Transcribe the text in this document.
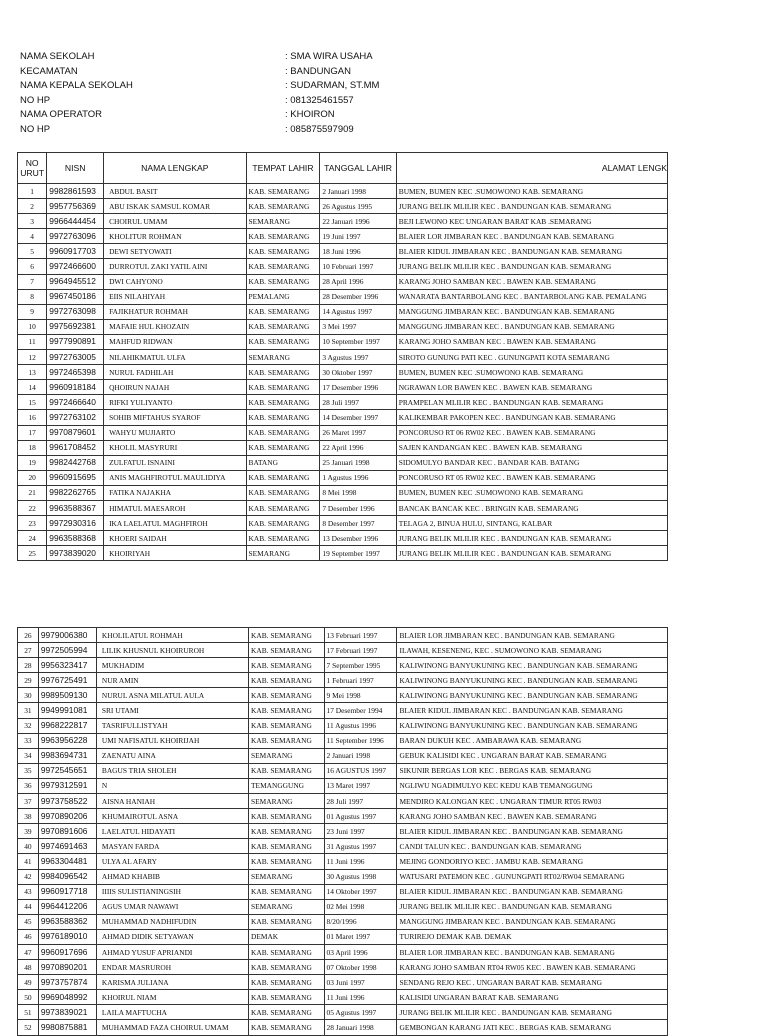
NAMA SEKOLAH	: SMA WIRA USAHA
KECAMATAN	: BANDUNGAN
NAMA KEPALA SEKOLAH	: SUDARMAN, ST.MM
NO HP	: 081325461557
NAMA OPERATOR	: KHOIRON
NO HP	: 085875597909
NO
URUT	NISN	NAMA LENGKAP	TEMPAT LAHIR	TANGGAL LAHIR	ALAMAT LENGK
1	9982861593	ABDUL BASIT	KAB. SEMARANG	2 Januari 1998	BUMEN, BUMEN KEC .SUMOWONO KAB. SEMARANG
2	9957756369	ABU ISKAK SAMSUL KOMAR	KAB. SEMARANG	26 Agustus 1995	JURANG BELIK MLILIR KEC . BANDUNGAN KAB. SEMARANG
3	9966444454	CHOIRUL UMAM	SEMARANG	22 Januari 1996	BEJI LEWONO KEC UNGARAN BARAT KAB .SEMARANG
4	9972763096	KHOLITUR ROHMAN	KAB. SEMARANG	19 Juni 1997	BLAIER LOR JIMBARAN KEC . BANDUNGAN KAB. SEMARANG
5	9960917703	DEWI SETYOWATI	KAB. SEMARANG	18 Juni 1996	BLAIER KIDUL JIMBARAN KEC . BANDUNGAN KAB. SEMARANG
6	9972466600	DURROTUL ZAKI YATIL AINI	KAB. SEMARANG	10 Februari 1997	JURANG BELIK MLILIR KEC . BANDUNGAN KAB. SEMARANG
7	9964945512	DWI CAHYONO	KAB. SEMARANG	28 April 1996	KARANG JOHO SAMBAN KEC . BAWEN KAB. SEMARANG
8	9967450186	EIIS NILAHIYAH	PEMALANG	28 Desember 1996	WANARATA BANTARBOLANG KEC . BANTARBOLANG KAB. PEMALANG
9	9972763098	FAJIKHATUR ROHMAH	KAB. SEMARANG	14 Agustus 1997	MANGGUNG JIMBARAN KEC . BANDUNGAN KAB. SEMARANG
10	9975692381	MAFAIE HUL KHOZAIN	KAB. SEMARANG	3 Mei 1997	MANGGUNG JIMBARAN KEC . BANDUNGAN KAB. SEMARANG
11	9977990891	MAHFUD RIDWAN	KAB. SEMARANG	10 September 1997	KARANG JOHO SAMBAN KEC . BAWEN KAB. SEMARANG
12	9972763005	NILAHIKMATUL ULFA	SEMARANG	3 Agustus 1997	SIROTO GUNUNG PATI KEC . GUNUNGPATI KOTA SEMARANG
13	9972465398	NURUL FADHILAH	KAB. SEMARANG	30 Oktober 1997	BUMEN, BUMEN KEC .SUMOWONO KAB. SEMARANG
14	9960918184	QHOIRUN NAJAH	KAB. SEMARANG	17 Desember 1996	NGRAWAN LOR BAWEN KEC . BAWEN KAB. SEMARANG
15	9972466640	RIFKI YULIYANTO	KAB. SEMARANG	28 Juli 1997	PRAMPELAN MLILIR KEC . BANDUNGAN KAB. SEMARANG
16	9972763102	SOHIB MIFTAHUS SYAROF	KAB. SEMARANG	14 Desember 1997	KALIKEMBAR PAKOPEN KEC . BANDUNGAN KAB. SEMARANG
17	9970879601	WAHYU MUJIARTO	KAB. SEMARANG	26 Maret 1997	PONCORUSO RT 06 RW02 KEC . BAWEN KAB. SEMARANG
18	9961708452	KHOLIL MASYRURI	KAB. SEMARANG	22 April 1996	SAJEN KANDANGAN KEC . BAWEN KAB. SEMARANG
19	9982442768	ZULFATUL ISNAINI	BATANG	25 Januari 1998	SIDOMULYO BANDAR KEC . BANDAR KAB. BATANG
20	9960915695	ANIS MAGHFIROTUL MAULIDIYA	KAB. SEMARANG	1 Agustus 1996	PONCORUSO RT 05 RW02 KEC . BAWEN KAB. SEMARANG
21	9982262765	FATIKA NAJAKHA	KAB. SEMARANG	8 Mei 1998	BUMEN, BUMEN KEC .SUMOWONO KAB. SEMARANG
22	9963588367	HIMATUL MAESAROH	KAB. SEMARANG	7 Desember 1996	BANCAK BANCAK KEC . BRINGIN KAB. SEMARANG
23	9972930316	IKA LAELATUL MAGHFIROH	KAB. SEMARANG	8 Desember 1997	TELAGA 2, BINUA HULU, SINTANG, KALBAR
24	9963588368	KHOERI SAIDAH	KAB. SEMARANG	13 Desember 1996	JURANG BELIK MLILIR KEC . BANDUNGAN KAB. SEMARANG
25	9973839020	KHOIRIYAH	SEMARANG	19 September 1997	JURANG BELIK MLILIR KEC . BANDUNGAN KAB. SEMARANG
26	9979006380	KHOLILATUL ROHMAH	KAB. SEMARANG	13 Februari 1997	BLAIER LOR JIMBARAN KEC . BANDUNGAN KAB. SEMARANG
27	9972505994	LILIK KHUSNUL KHOIRUROH	KAB. SEMARANG	17 Februari 1997	ILAWAH, KESENENG, KEC . SUMOWONO KAB. SEMARANG
28	9956323417	MUKHADIM	KAB. SEMARANG	7 September 1995	KALIWINONG BANYUKUNING KEC . BANDUNGAN KAB. SEMARANG
29	9976725491	NUR AMIN	KAB. SEMARANG	1 Februari 1997	KALIWINONG BANYUKUNING KEC . BANDUNGAN KAB. SEMARANG
30	9989509130	NURUL ASNA MILATUL AULA	KAB. SEMARANG	9 Mei 1998	KALIWINONG BANYUKUNING KEC . BANDUNGAN KAB. SEMARANG
31	9949991081	SRI UTAMI	KAB. SEMARANG	17 Desember 1994	BLAIER KIDUL JIMBARAN KEC . BANDUNGAN KAB. SEMARANG
32	9968222817	TASRIFULLISTYAH	KAB. SEMARANG	11 Agustus 1996	KALIWINONG BANYUKUNING KEC . BANDUNGAN KAB. SEMARANG
33	9963956228	UMI NAFISATUL KHOIRIJAH	KAB. SEMARANG	11 September 1996	BARAN DUKUH KEC . AMBARAWA KAB. SEMARANG
34	9983694731	ZAENATU AINA	SEMARANG	2 Januari 1998	GEBUK KALISIDI KEC . UNGARAN BARAT KAB. SEMARANG
35	9972545651	BAGUS TRIA SHOLEH	KAB. SEMARANG	16 AGUSTUS 1997	SIKUNIR BERGAS LOR KEC . BERGAS KAB. SEMARANG
36	9979312591	N	TEMANGGUNG	13 Maret 1997	NGLIWU NGADIMULYO KEC KEDU KAB TEMANGGUNG
37	9973758522	AISNA HANIAH	SEMARANG	28 Juli 1997	MENDIRO KALONGAN KEC . UNGARAN TIMUR RT05 RW03
38	9970890206	KHUMAIROTUL ASNA	KAB. SEMARANG	01 Agustus 1997	KARANG JOHO SAMBAN KEC . BAWEN KAB. SEMARANG
39	9970891606	LAELATUL HIDAYATI	KAB. SEMARANG	23 Juni 1997	BLAIER KIDUL JIMBARAN KEC . BANDUNGAN KAB. SEMARANG
40	9974691463	MASYAN FARDA	KAB. SEMARANG	31 Agustus 1997	CANDI TALUN KEC . BANDUNGAN KAB. SEMARANG
41	9963304481	ULYA AL AFARY	KAB. SEMARANG	11 Juni 1996	MEJING GONDORIYO KEC . JAMBU KAB. SEMARANG
42	9984096542	AHMAD KHABIB	SEMARANG	30 Agustus 1998	WATUSARI PATEMON KEC . GUNUNGPATI RT02/RW04 SEMARANG
43	9960917718	IIIIS SULISTIANINGSIH	KAB. SEMARANG	14 Oktober 1997	BLAIER KIDUL JIMBARAN KEC . BANDUNGAN KAB. SEMARANG
44	9964412206	AGUS UMAR NAWAWI	SEMARANG	02 Mei 1998	JURANG BELIK MLILIR KEC . BANDUNGAN KAB. SEMARANG
45	9963588362	MUHAMMAD NADHIFUDIN	KAB. SEMARANG	8/20/1996	MANGGUNG JIMBARAN KEC . BANDUNGAN KAB. SEMARANG
46	9976189010	AHMAD DIDIK SETYAWAN	DEMAK	01 Maret 1997	TURIREJO DEMAK KAB. DEMAK
47	9960917696	AHMAD YUSUF APRIANDI	KAB. SEMARANG	03 April 1996	BLAIER LOR JIMBARAN KEC . BANDUNGAN KAB. SEMARANG
48	9970890201	ENDAR MASRUROH	KAB. SEMARANG	07 Oktober 1998	KARANG JOHO SAMBAN RT04 RW05 KEC . BAWEN KAB. SEMARANG
49	9973757874	KARISMA JULIANA	KAB. SEMARANG	03 Juni 1997	SENDANG REJO KEC . UNGARAN BARAT KAB. SEMARANG
50	9969048992	KHOIRUL NIAM	KAB. SEMARANG	11 Juni 1996	KALISIDI UNGARAN BARAT KAB. SEMARANG
51	9973839021	LAILA MAFTUCHA	KAB. SEMARANG	05 Agustus 1997	JURANG BELIK MLILIR KEC . BANDUNGAN KAB. SEMARANG
52	9980875881	MUHAMMAD FAZA CHOIRUL UMAM	KAB. SEMARANG	28 Januari 1998	GEMBONGAN KARANG JATI KEC . BERGAS KAB. SEMARANG
